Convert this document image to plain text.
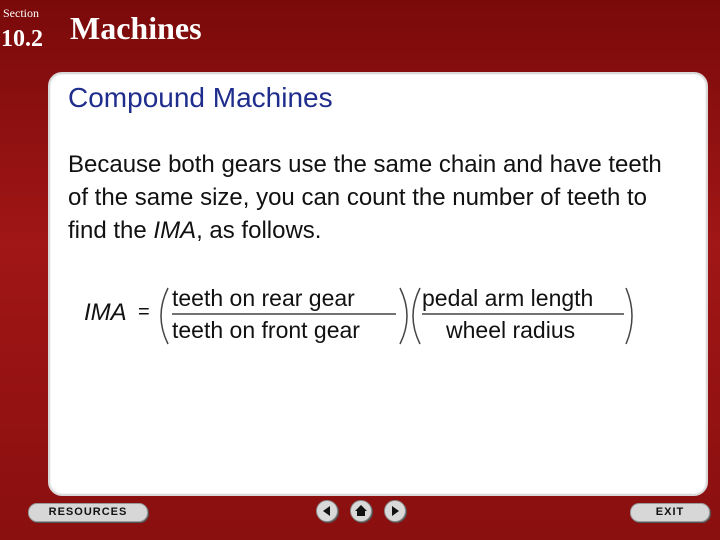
Section
10.2 Machines
Compound Machines
Because both gears use the same chain and have teeth of the same size, you can count the number of teeth to find the IMA, as follows.
IMA =
teeth on rear gear
teeth on front gear
pedal arm length
wheel radius
RESOURCES	EXIT
